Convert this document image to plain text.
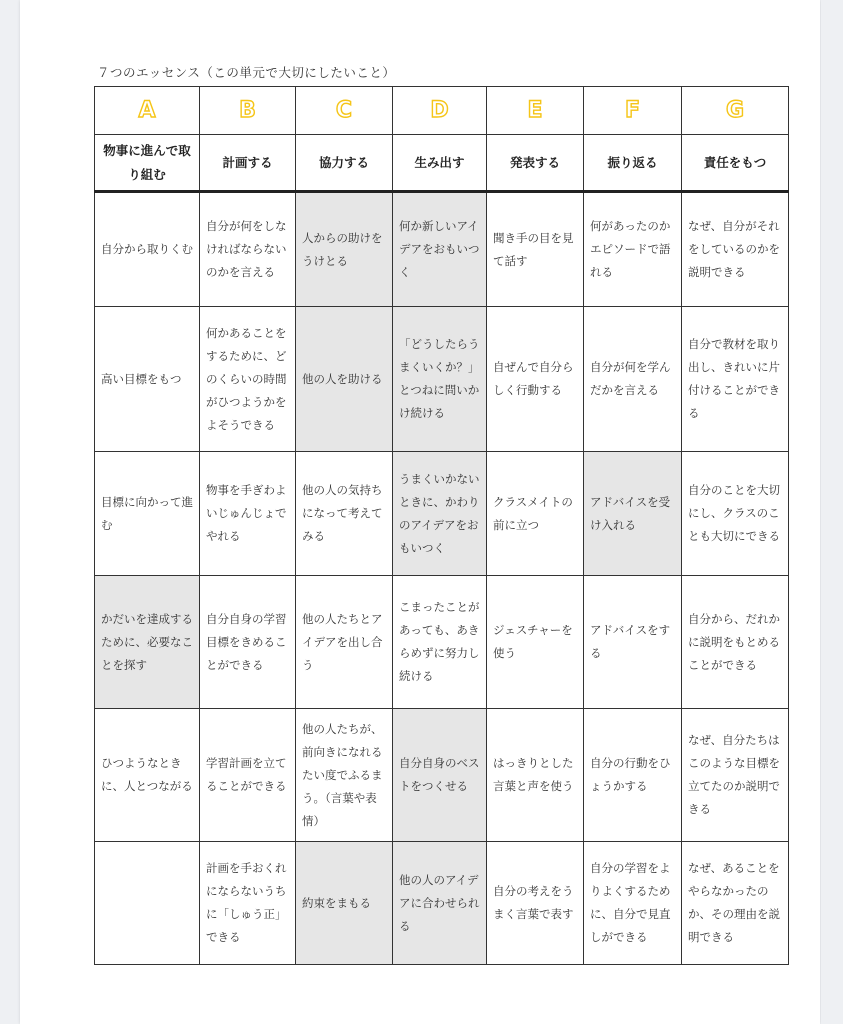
７つのエッセンス（この単元で大切にしたいこと）
A	B	C	D	E	F	G
物事に進んで取り組む	計画する	協力する	生み出す	発表する	振り返る	責任をもつ
自分から取りくむ	自分が何をしなければならないのかを言える	人からの助けをうけとる	何か新しいアイデアをおもいつく	聞き手の目を見て話す	何があったのかエピソードで語れる	なぜ、自分がそれをしているのかを説明できる
高い目標をもつ	何かあることをするために、どのくらいの時間がひつようかをよそうできる	他の人を助ける	「どうしたらうまくいくか？」とつねに問いかけ続ける	自ぜんで自分らしく行動する	自分が何を学んだかを言える	自分で教材を取り出し、きれいに片付けることができる
目標に向かって進む	物事を手ぎわよいじゅんじょでやれる	他の人の気持ちになって考えてみる	うまくいかないときに、かわりのアイデアをおもいつく	クラスメイトの前に立つ	アドバイスを受け入れる	自分のことを大切にし、クラスのことも大切にできる
かだいを達成するために、必要なことを探す	自分自身の学習目標をきめることができる	他の人たちとアイデアを出し合う	こまったことがあっても、あきらめずに努力し続ける	ジェスチャーを使う	アドバイスをする	自分から、だれかに説明をもとめることができる
ひつようなときに、人とつながる	学習計画を立てることができる	他の人たちが、前向きになれるたい度でふるまう。（言葉や表情）	自分自身のベストをつくせる	はっきりとした言葉と声を使う	自分の行動をひょうかする	なぜ、自分たちはこのような目標を立てたのか説明できる
	計画を手おくれにならないうちに「しゅう正」できる	約束をまもる	他の人のアイデアに合わせられる	自分の考えをうまく言葉で表す	自分の学習をよりよくするために、自分で見直しができる	なぜ、あることをやらなかったのか、その理由を説明できる
